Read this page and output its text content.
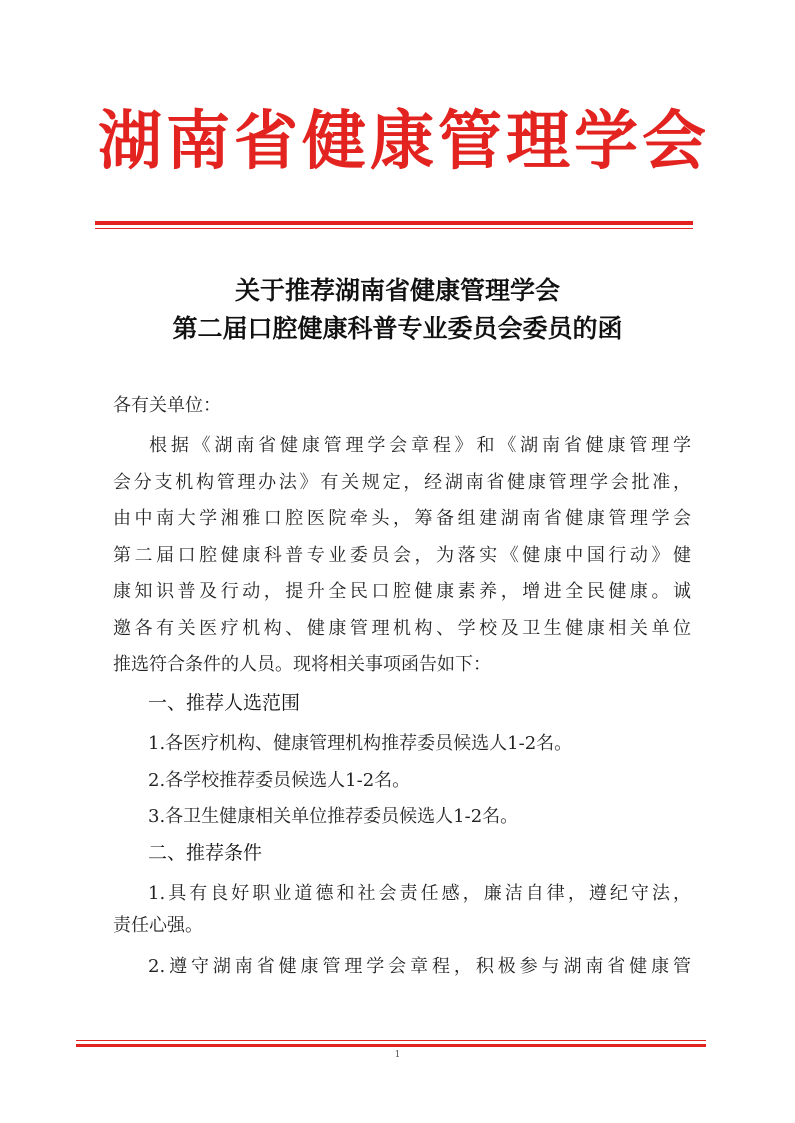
湖南省健康管理学会
关于推荐湖南省健康管理学会
第二届口腔健康科普专业委员会委员的函
各有关单位：
根据《湖南省健康管理学会章程》和《湖南省健康管理学
会分支机构管理办法》有关规定，经湖南省健康管理学会批准，
由中南大学湘雅口腔医院牵头，筹备组建湖南省健康管理学会
第二届口腔健康科普专业委员会，为落实《健康中国行动》健
康知识普及行动，提升全民口腔健康素养，增进全民健康。诚
邀各有关医疗机构、健康管理机构、学校及卫生健康相关单位
推选符合条件的人员。现将相关事项函告如下：
一、推荐人选范围
1.各医疗机构、健康管理机构推荐委员候选人1-2名。
2.各学校推荐委员候选人1-2名。
3.各卫生健康相关单位推荐委员候选人1-2名。
二、推荐条件
1.具有良好职业道德和社会责任感，廉洁自律，遵纪守法，
责任心强。
2.遵守湖南省健康管理学会章程，积极参与湖南省健康管
1
